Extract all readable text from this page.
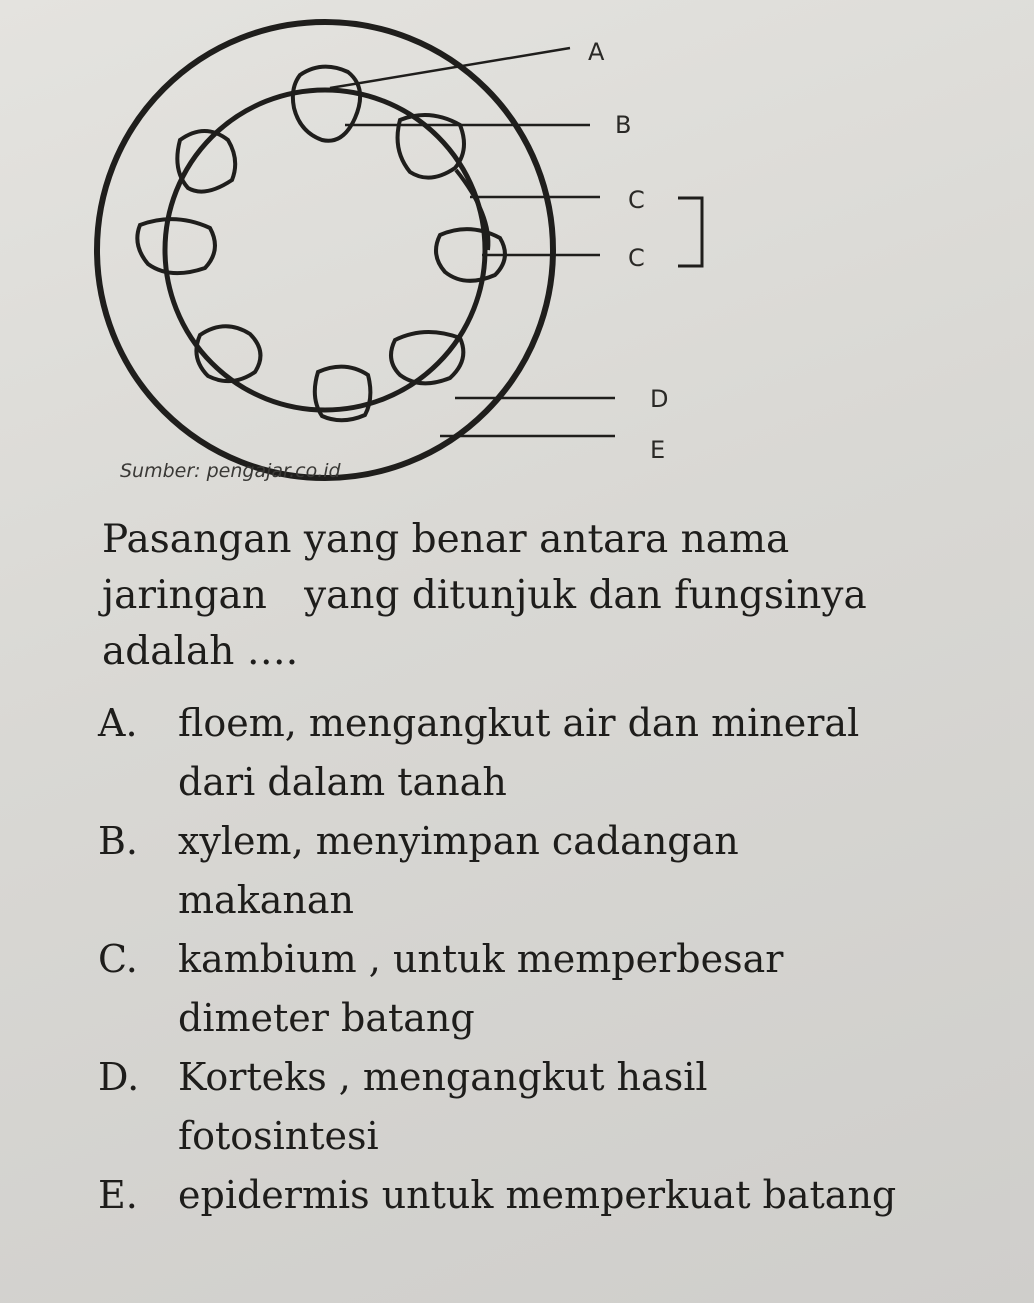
A
B
C
C
D
E
Sumber: pengajar.co.id
Pasangan yang benar antara nama
jaringan   yang ditunjuk dan fungsinya
adalah ….
A.	floem, mengangkut air dan mineral
dari dalam tanah
B.	xylem, menyimpan cadangan
makanan
C.	kambium , untuk memperbesar
dimeter batang
D.	Korteks , mengangkut hasil
fotosintesi
E.	epidermis untuk memperkuat batang
